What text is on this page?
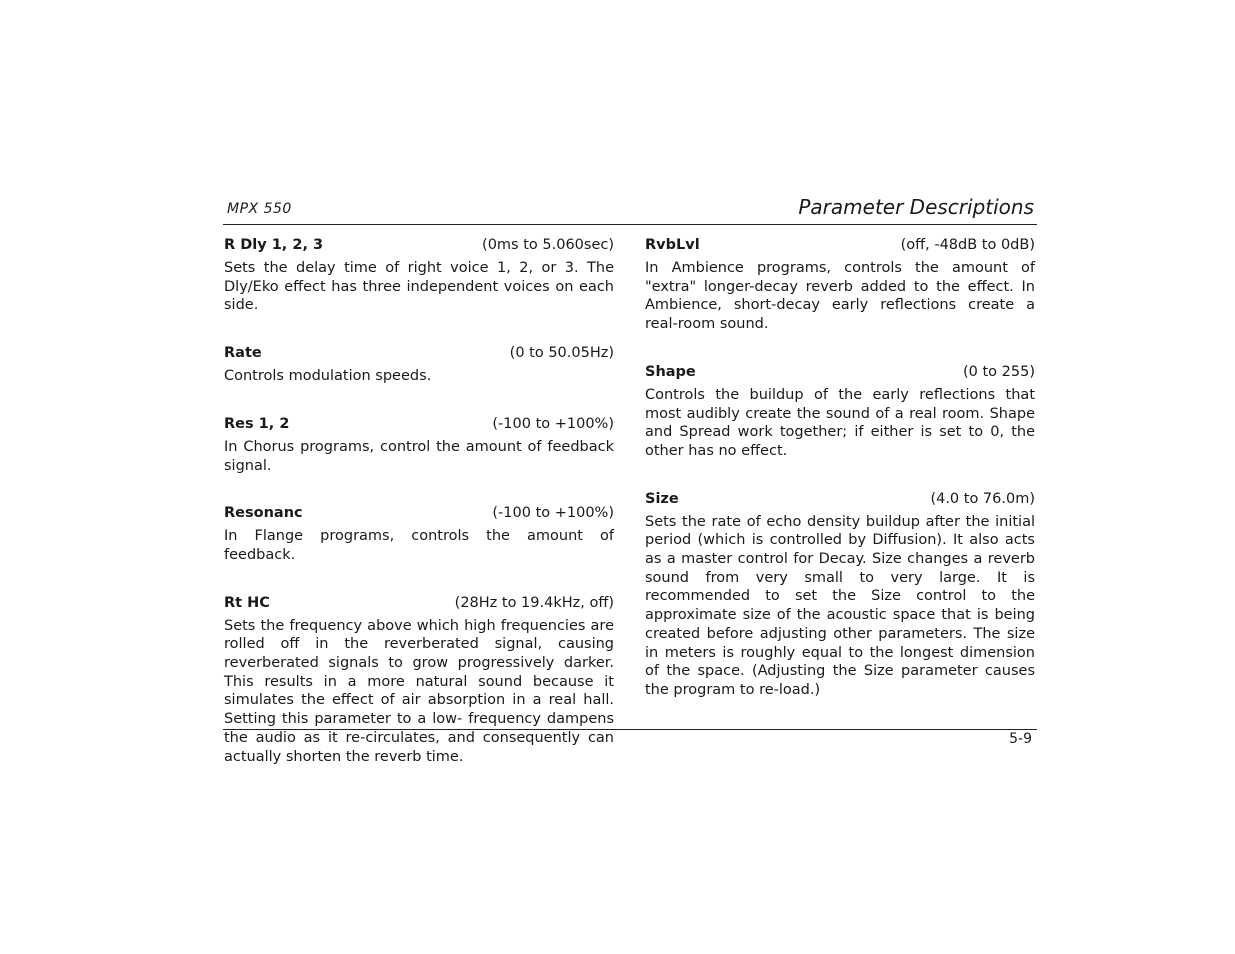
MPX 550	Parameter Descriptions
R Dly 1, 2, 3	(0ms to 5.060sec)
Sets the delay time of right voice 1, 2, or 3. The Dly/Eko effect has three independent voices on each side.
Rate	(0 to 50.05Hz)
Controls modulation speeds.
Res 1, 2	(-100 to +100%)
In Chorus programs, control the amount of feedback signal.
Resonanc	(-100 to +100%)
In Flange programs, controls the amount of feedback.
Rt HC	(28Hz to 19.4kHz, off)
Sets the frequency above which high frequencies are rolled off in the reverberated signal, causing reverberated signals to grow progressively darker. This results in a more natural sound because it simulates the effect of air absorption in a real hall. Setting this parameter to a low- frequency dampens the audio as it re-circulates, and consequently can actually shorten the reverb time.
RvbLvl	(off, -48dB to 0dB)
In Ambience programs, controls the amount of "extra" longer-decay reverb added to the effect. In Ambience, short-decay early reflections create a real-room sound.
Shape	(0 to 255)
Controls the buildup of the early reflections that most audibly create the sound of a real room. Shape and Spread work together; if either is set to 0, the other has no effect.
Size	(4.0 to 76.0m)
Sets the rate of echo density buildup after the initial period (which is controlled by Diffusion). It also acts as a master control for Decay. Size changes a reverb sound from very small to very large. It is recommended to set the Size control to the approximate size of the acoustic space that is being created before adjusting other parameters. The size in meters is roughly equal to the longest dimension of the space. (Adjusting the Size parameter causes the program to re-load.)
5-9
